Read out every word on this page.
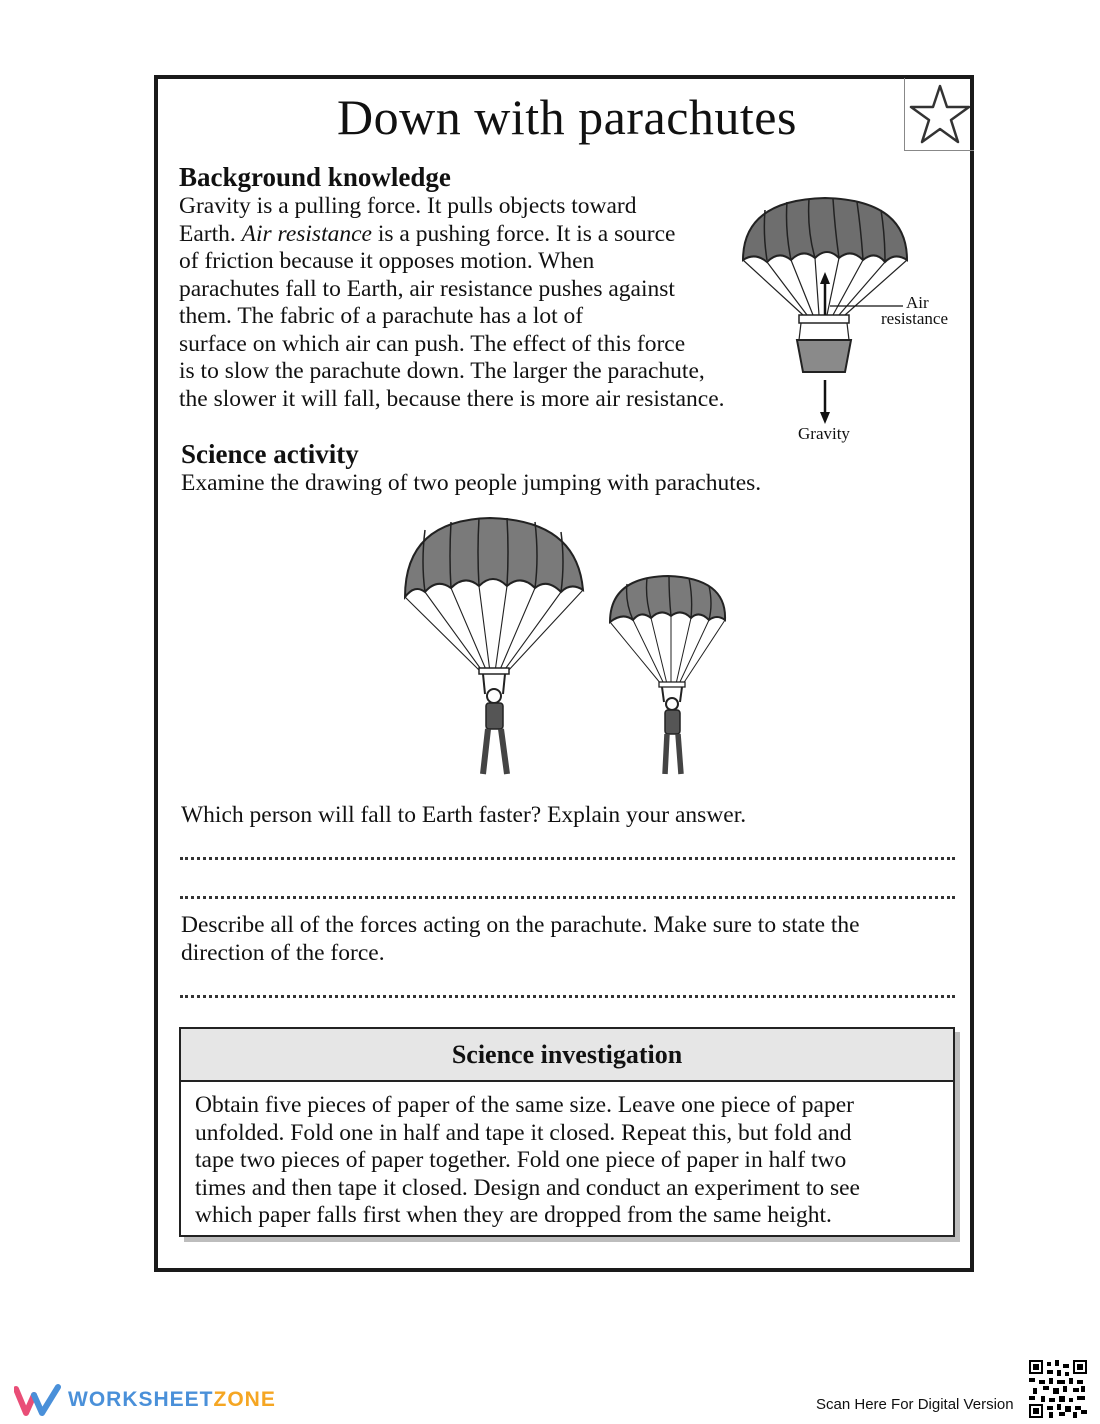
Down with parachutes
Background knowledge
Gravity is a pulling force. It pulls objects toward
Earth. Air resistance is a pushing force. It is a source
of friction because it opposes motion. When
parachutes fall to Earth, air resistance pushes against
them. The fabric of a parachute has a lot of
surface on which air can push. The effect of this force
is to slow the parachute down. The larger the parachute,
the slower it will fall, because there is more air resistance.
Air
resistance
Gravity
Science activity
Examine the drawing of two people jumping with parachutes.
Which person will fall to Earth faster? Explain your answer.
Describe all of the forces acting on the parachute. Make sure to state the
direction of the force.
Science investigation
Obtain five pieces of paper of the same size. Leave one piece of paper
unfolded. Fold one in half and tape it closed. Repeat this, but fold and
tape two pieces of paper together. Fold one piece of paper in half two
times and then tape it closed. Design and conduct an experiment to see
which paper falls first when they are dropped from the same height.
WORKSHEET ZONE	Scan Here For Digital Version
